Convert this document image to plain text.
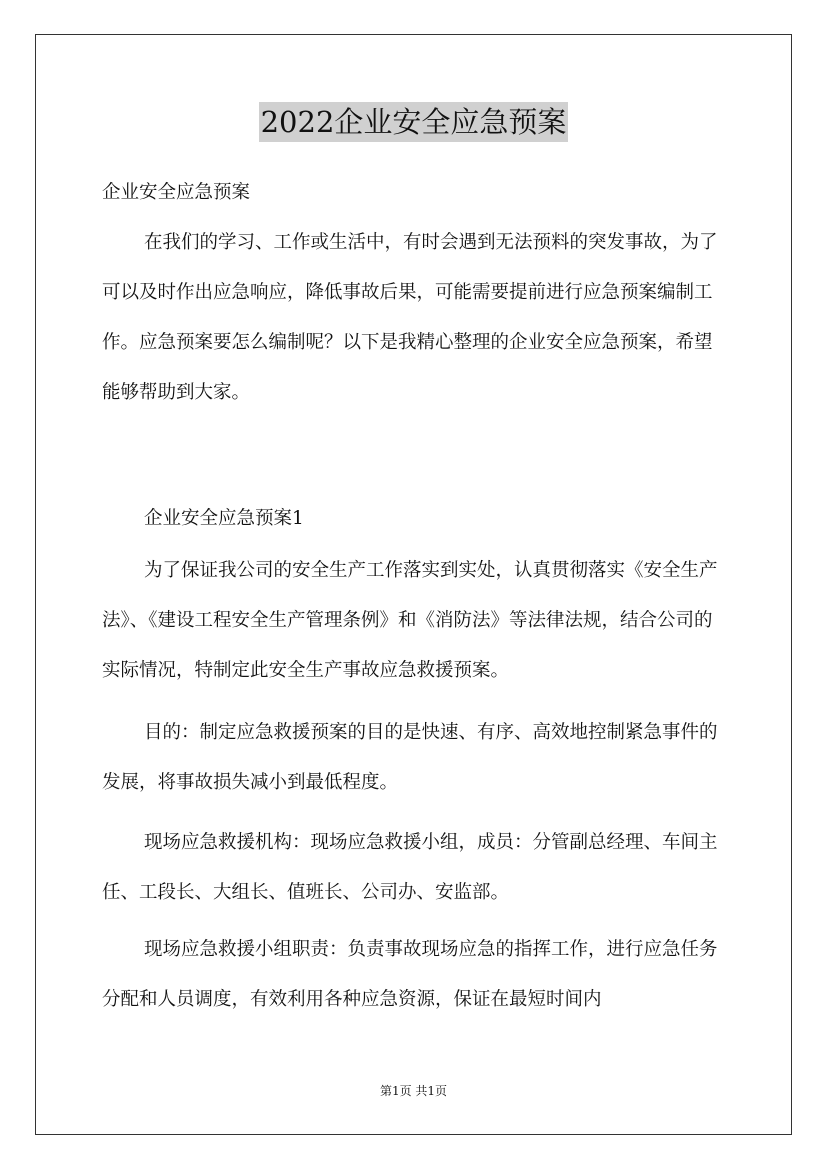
2022企业安全应急预案

企业安全应急预案

在我们的学习、工作或生活中，有时会遇到无法预料的突发事故，为了可以及时作出应急响应，降低事故后果，可能需要提前进行应急预案编制工作。应急预案要怎么编制呢？以下是我精心整理的企业安全应急预案，希望能够帮助到大家。

企业安全应急预案1

为了保证我公司的安全生产工作落实到实处，认真贯彻落实《安全生产法》、《建设工程安全生产管理条例》和《消防法》等法律法规，结合公司的实际情况，特制定此安全生产事故应急救援预案。

目的：制定应急救援预案的目的是快速、有序、高效地控制紧急事件的发展，将事故损失减小到最低程度。

现场应急救援机构：现场应急救援小组，成员：分管副总经理、车间主任、工段长、大组长、值班长、公司办、安监部。

现场应急救援小组职责：负责事故现场应急的指挥工作，进行应急任务分配和人员调度，有效利用各种应急资源，保证在最短时间内

第1页 共1页
